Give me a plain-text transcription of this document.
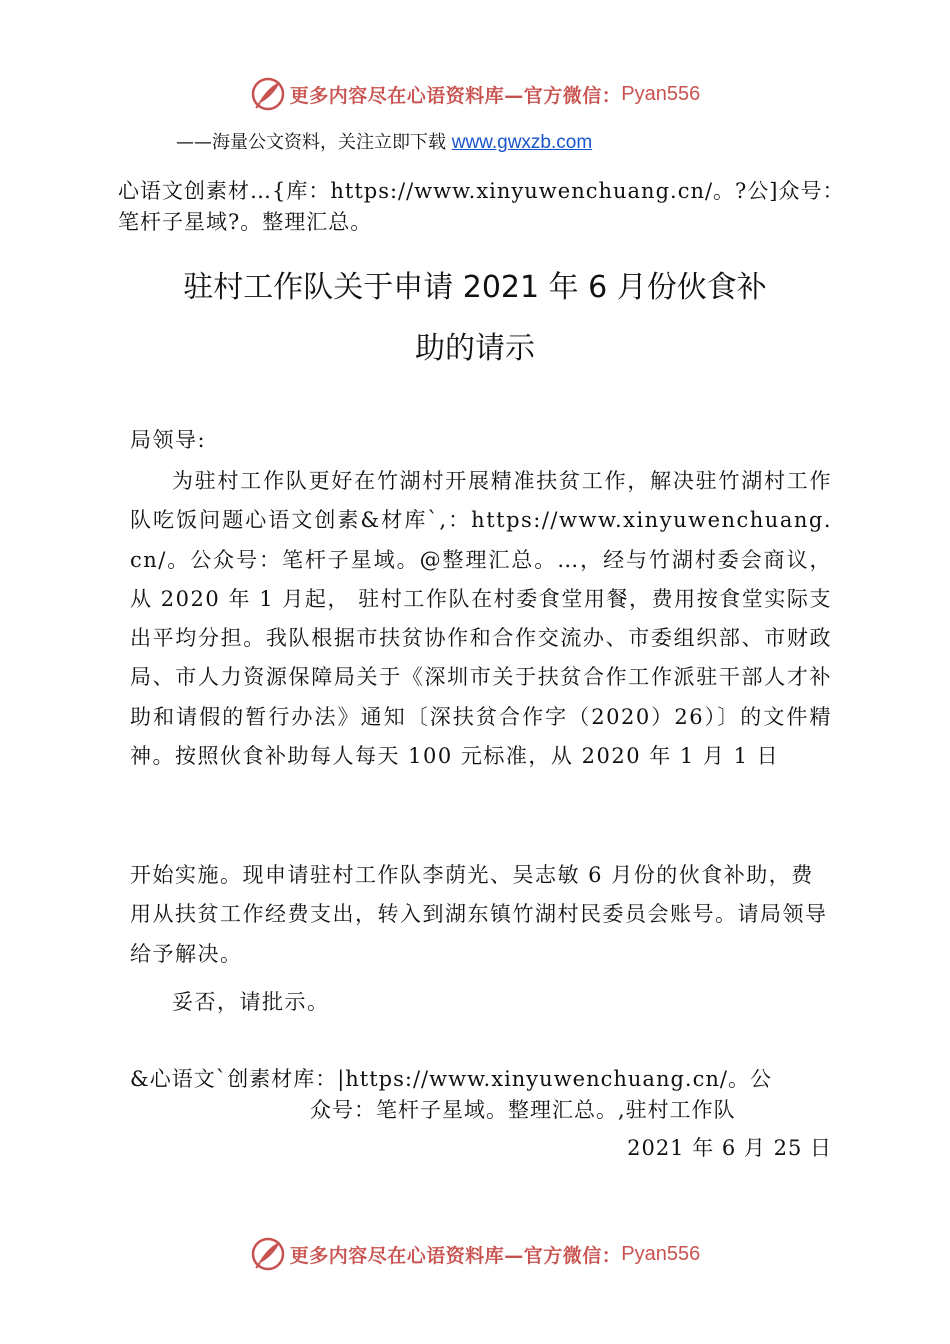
更多内容尽在心语资料库—官方微信： Pyan556
——海量公文资料，关注立即下载 www.gwxzb.com
心语文创素材…{库：https://www.xinyuwenchuang.cn/。?公]众号：笔杆子星域?。整理汇总。
驻村工作队关于申请 2021 年 6 月份伙食补
助的请示
局领导:
为驻村工作队更好在竹湖村开展精准扶贫工作，解决驻竹湖村工作队吃饭问题心语文创素&材库`,：https://www.xinyuwenchuang.cn/。公众号：笔杆子星域。@整理汇总。…，经与竹湖村委会商议，从 2020 年 1 月起， 驻村工作队在村委食堂用餐，费用按食堂实际支出平均分担。我队根据市扶贫协作和合作交流办、市委组织部、市财政局、市人力资源保障局关于《深圳市关于扶贫合作工作派驻干部人才补助和请假的暂行办法》通知〔深扶贫合作字（2020）26）〕的文件精神。按照伙食补助每人每天 100 元标准，从 2020 年 1 月 1 日
开始实施。现申请驻村工作队李荫光、吴志敏 6 月份的伙食补助，费用从扶贫工作经费支出，转入到湖东镇竹湖村民委员会账号。请局领导给予解决。
妥否，请批示。
&心语文`创素材库：|https://www.xinyuwenchuang.cn/。公
众号：笔杆子星域。整理汇总。,驻村工作队
2021 年 6 月 25 日
更多内容尽在心语资料库—官方微信： Pyan556
